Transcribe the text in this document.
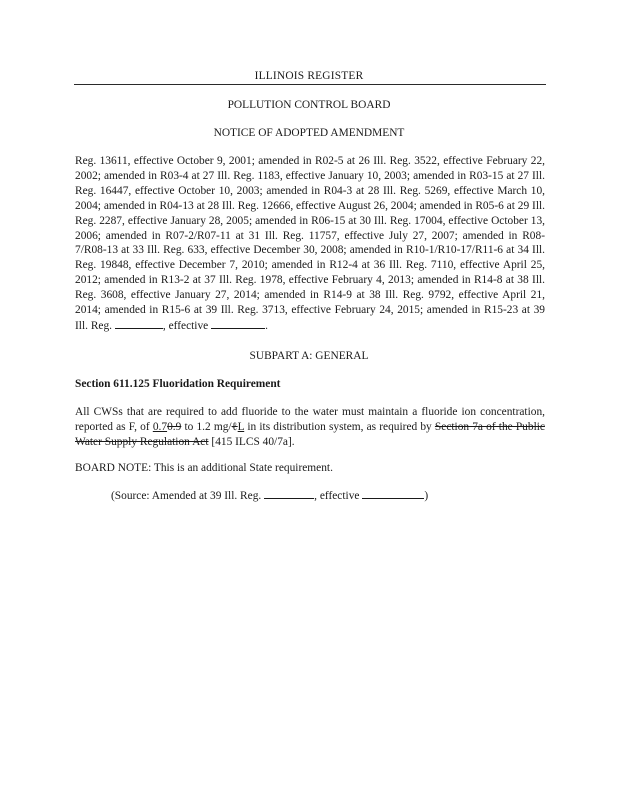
ILLINOIS REGISTER
POLLUTION CONTROL BOARD
NOTICE OF ADOPTED AMENDMENT

Reg. 13611, effective October 9, 2001; amended in R02-5 at 26 Ill. Reg. 3522, effective February 22, 2002; amended in R03-4 at 27 Ill. Reg. 1183, effective January 10, 2003; amended in R03-15 at 27 Ill. Reg. 16447, effective October 10, 2003; amended in R04-3 at 28 Ill. Reg. 5269, effective March 10, 2004; amended in R04-13 at 28 Ill. Reg. 12666, effective August 26, 2004; amended in R05-6 at 29 Ill. Reg. 2287, effective January 28, 2005; amended in R06-15 at 30 Ill. Reg. 17004, effective October 13, 2006; amended in R07-2/R07-11 at 31 Ill. Reg. 11757, effective July 27, 2007; amended in R08-7/R08-13 at 33 Ill. Reg. 633, effective December 30, 2008; amended in R10-1/R10-17/R11-6 at 34 Ill. Reg. 19848, effective December 7, 2010; amended in R12-4 at 36 Ill. Reg. 7110, effective April 25, 2012; amended in R13-2 at 37 Ill. Reg. 1978, effective February 4, 2013; amended in R14-8 at 38 Ill. Reg. 3608, effective January 27, 2014; amended in R14-9 at 38 Ill. Reg. 9792, effective April 21, 2014; amended in R15-6 at 39 Ill. Reg. 3713, effective February 24, 2015; amended in R15-23 at 39 Ill. Reg.	, effective	.

SUBPART A: GENERAL

Section 611.125 Fluoridation Requirement

All CWSs that are required to add fluoride to the water must maintain a fluoride ion concentration, reported as F, of 0.70.9 to 1.2 mg/ℓL in its distribution system, as required by Section 7a of the Public Water Supply Regulation Act [415 ILCS 40/7a].

BOARD NOTE: This is an additional State requirement.

(Source: Amended at 39 Ill. Reg.	, effective	)
